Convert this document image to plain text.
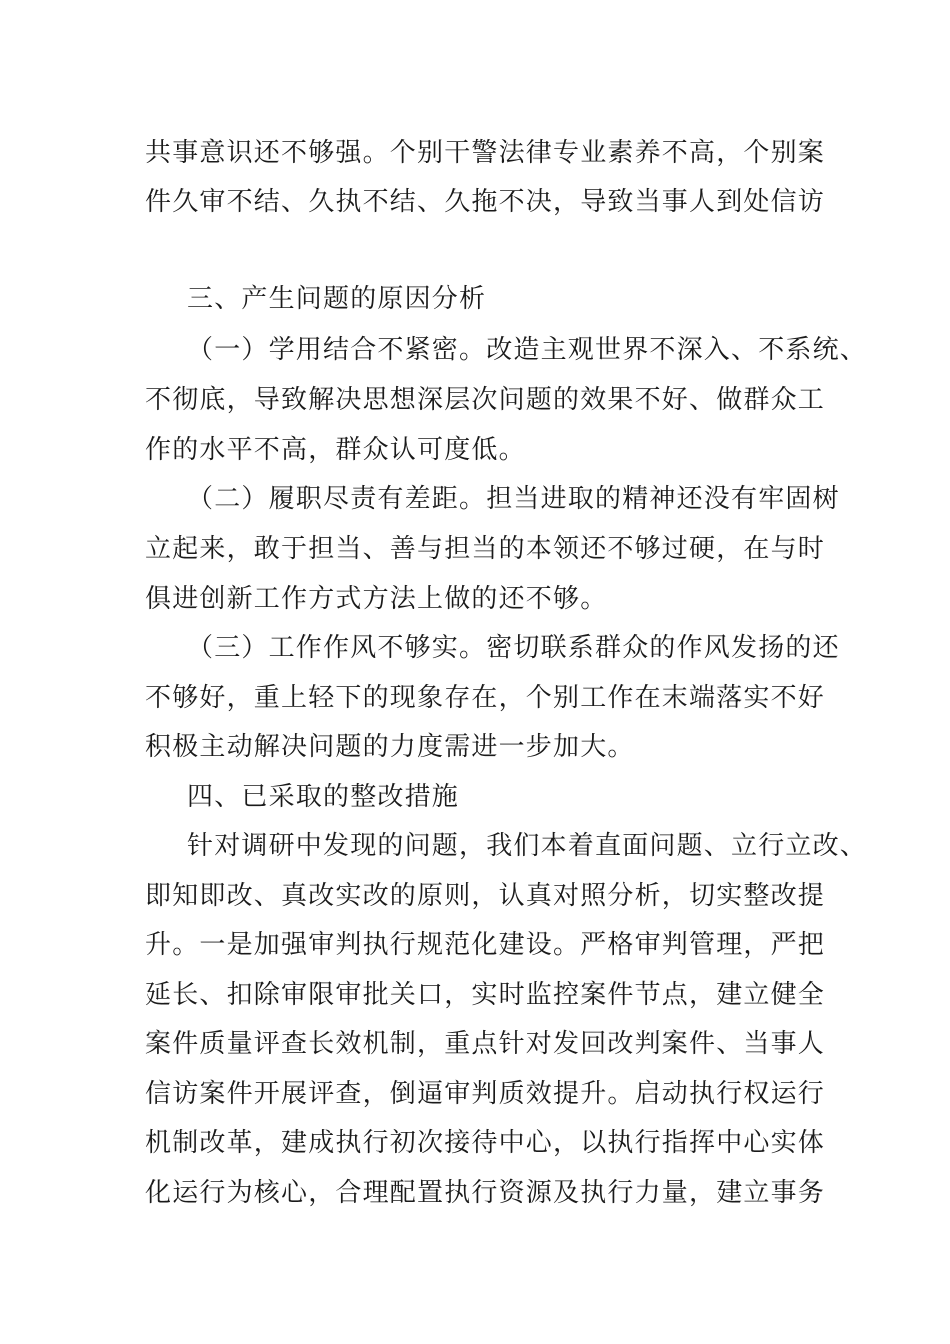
共事意识还不够强。个别干警法律专业素养不高，个别案
件久审不结、久执不结、久拖不决，导致当事人到处信访
三、产生问题的原因分析
（一）学用结合不紧密。改造主观世界不深入、不系统、
不彻底，导致解决思想深层次问题的效果不好、做群众工
作的水平不高，群众认可度低。
（二）履职尽责有差距。担当进取的精神还没有牢固树
立起来，敢于担当、善与担当的本领还不够过硬，在与时
俱进创新工作方式方法上做的还不够。
（三）工作作风不够实。密切联系群众的作风发扬的还
不够好，重上轻下的现象存在，个别工作在末端落实不好
积极主动解决问题的力度需进一步加大。
四、已采取的整改措施
针对调研中发现的问题，我们本着直面问题、立行立改、
即知即改、真改实改的原则，认真对照分析，切实整改提
升。一是加强审判执行规范化建设。严格审判管理，严把
延长、扣除审限审批关口，实时监控案件节点，建立健全
案件质量评查长效机制，重点针对发回改判案件、当事人
信访案件开展评查，倒逼审判质效提升。启动执行权运行
机制改革，建成执行初次接待中心，以执行指挥中心实体
化运行为核心，合理配置执行资源及执行力量，建立事务
